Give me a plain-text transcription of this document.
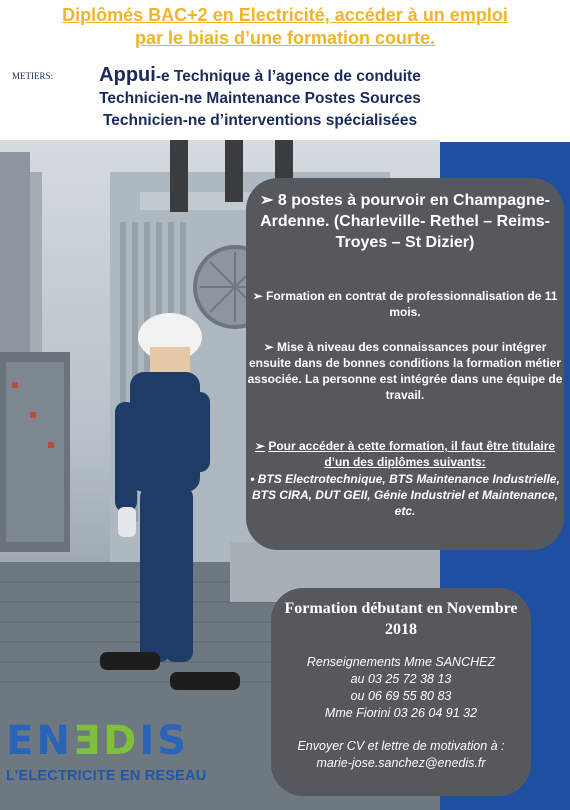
Diplômés BAC+2 en Electricité, accéder à un emploi
par le biais d’une formation courte.
METIERS:	Appui-e Technique à l’agence de conduite
Technicien-ne Maintenance Postes Sources
Technicien-ne d’interventions spécialisées
➢ 8 postes à pourvoir en Champagne-Ardenne. (Charleville- Rethel – Reims- Troyes – St Dizier)
➢ Formation en contrat de professionnalisation de 11 mois.
➢ Mise à niveau des connaissances pour intégrer ensuite dans de bonnes conditions la formation métier associée. La personne est intégrée dans une équipe de travail.
➢ Pour accéder à cette formation, il faut être titulaire d’un des diplômes suivants:
• BTS Electrotechnique, BTS Maintenance Industrielle, BTS CIRA, DUT GEII, Génie Industriel et Maintenance, etc.
Formation débutant en Novembre 2018
Renseignements Mme SANCHEZ
au 03 25 72 38 13
ou 06 69 55 80 83
Mme Fiorini 03 26 04 91 32
Envoyer CV et lettre de motivation à :
marie-jose.sanchez@enedis.fr
ENƎDIS
L’ELECTRICITE EN RESEAU
